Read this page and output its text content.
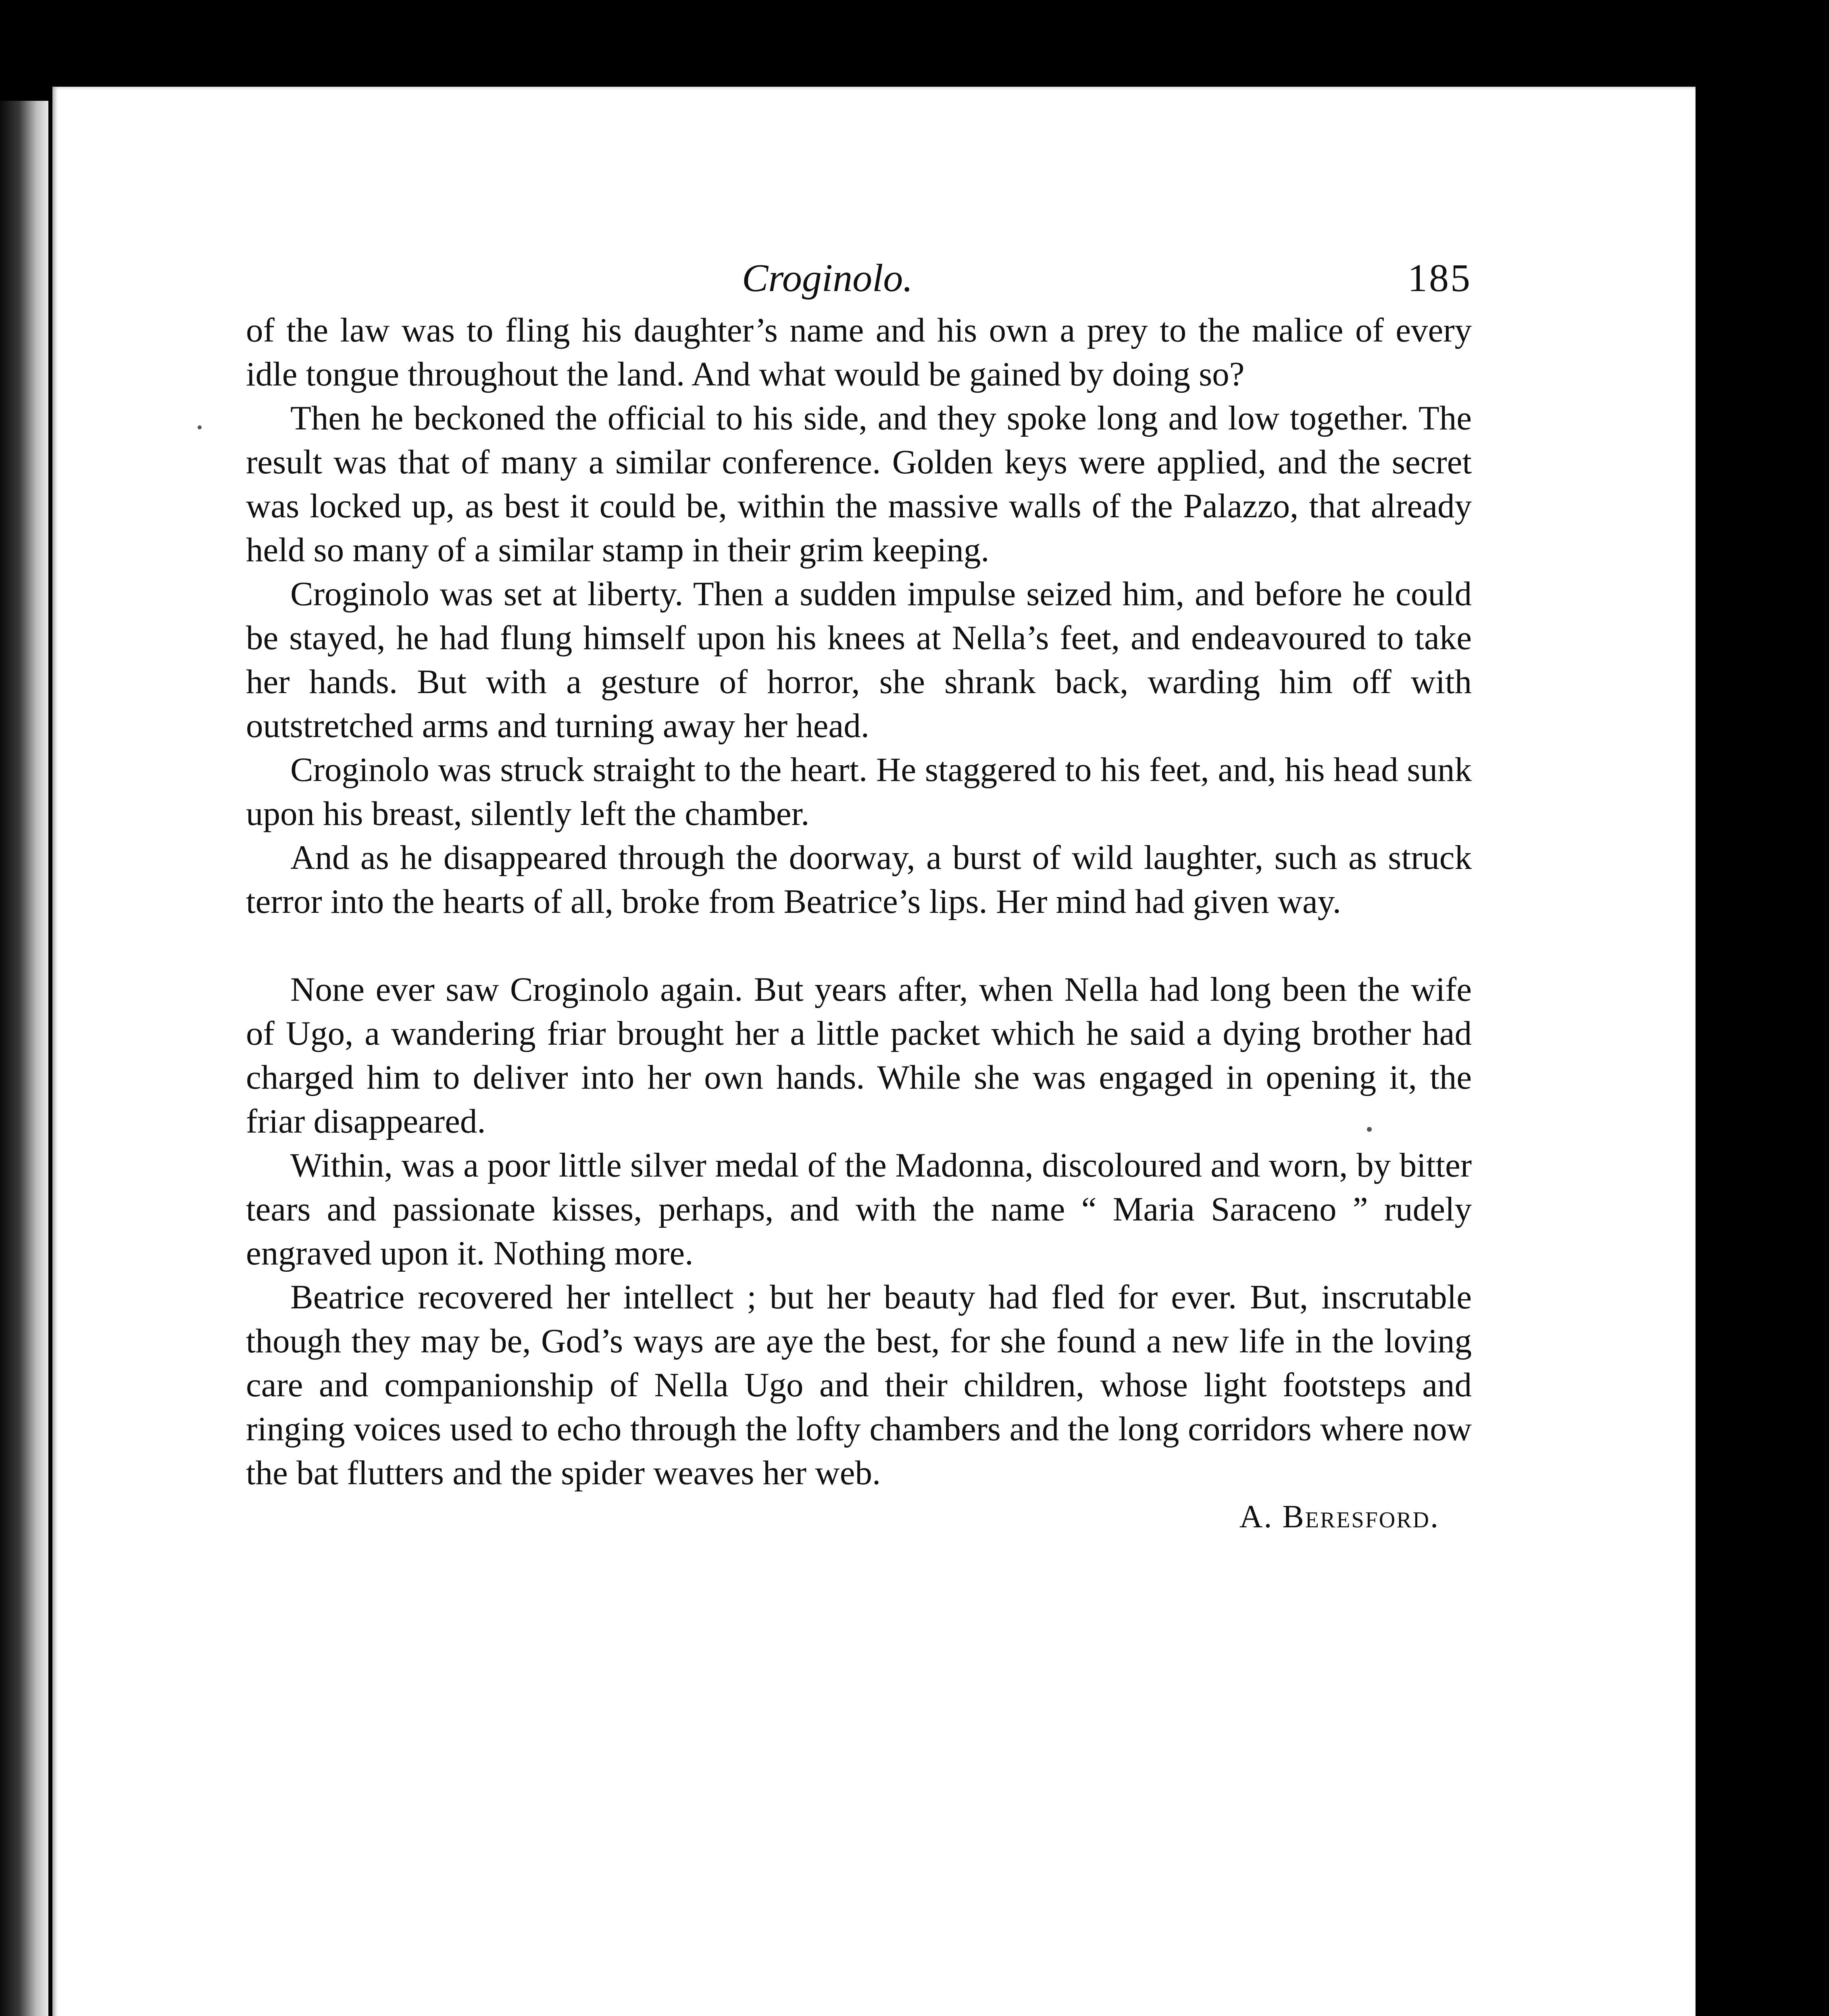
Croginolo.	185

of the law was to fling his daughter’s name and his own a prey to the malice of every idle tongue throughout the land. And what would be gained by doing so?

Then he beckoned the official to his side, and they spoke long and low together. The result was that of many a similar conference. Golden keys were applied, and the secret was locked up, as best it could be, within the massive walls of the Palazzo, that already held so many of a similar stamp in their grim keeping.

Croginolo was set at liberty. Then a sudden impulse seized him, and before he could be stayed, he had flung himself upon his knees at Nella’s feet, and endeavoured to take her hands. But with a gesture of horror, she shrank back, warding him off with outstretched arms and turning away her head.

Croginolo was struck straight to the heart. He staggered to his feet, and, his head sunk upon his breast, silently left the chamber.

And as he disappeared through the doorway, a burst of wild laughter, such as struck terror into the hearts of all, broke from Beatrice’s lips. Her mind had given way.

None ever saw Croginolo again. But years after, when Nella had long been the wife of Ugo, a wandering friar brought her a little packet which he said a dying brother had charged him to deliver into her own hands. While she was engaged in opening it, the friar disappeared.

Within, was a poor little silver medal of the Madonna, discoloured and worn, by bitter tears and passionate kisses, perhaps, and with the name “ Maria Saraceno ” rudely engraved upon it. Nothing more.

Beatrice recovered her intellect ; but her beauty had fled for ever. But, inscrutable though they may be, God’s ways are aye the best, for she found a new life in the loving care and companionship of Nella Ugo and their children, whose light footsteps and ringing voices used to echo through the lofty chambers and the long corridors where now the bat flutters and the spider weaves her web.

A. Beresford.
